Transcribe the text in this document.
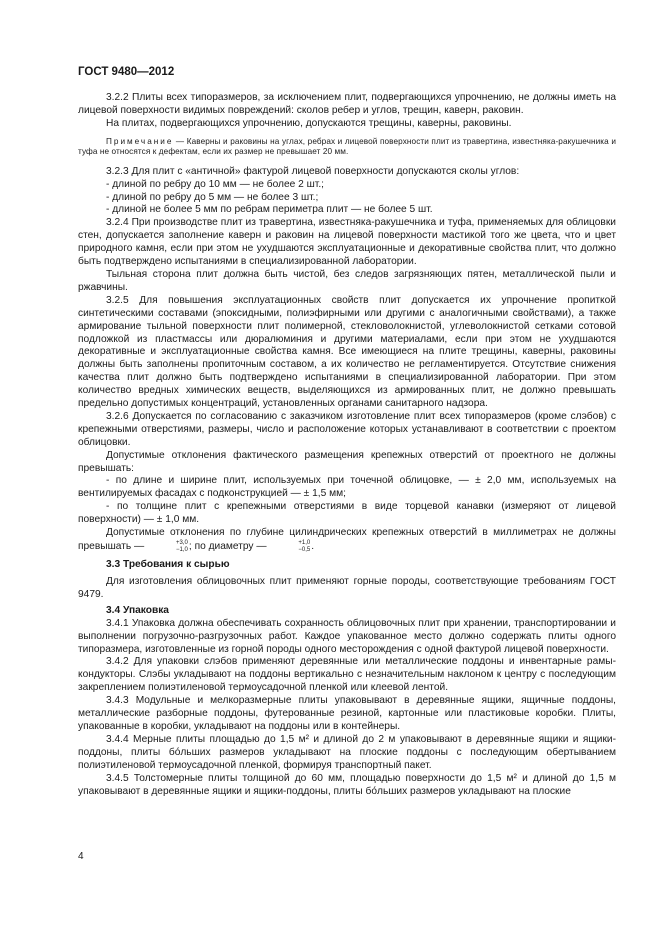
ГОСТ 9480—2012

3.2.2 Плиты всех типоразмеров, за исключением плит, подвергающихся упрочнению, не должны иметь на лицевой поверхности видимых повреждений: сколов ребер и углов, трещин, каверн, раковин.

На плитах, подвергающихся упрочнению, допускаются трещины, каверны, раковины.

Примечание — Каверны и раковины на углах, ребрах и лицевой поверхности плит из травертина, известняка-ракушечника и туфа не относятся к дефектам, если их размер не превышает 20 мм.

3.2.3 Для плит с «античной» фактурой лицевой поверхности допускаются сколы углов:

- длиной по ребру до 10 мм — не более 2 шт.;

- длиной по ребру до 5 мм — не более 3 шт.;

- длиной не более 5 мм по ребрам периметра плит — не более 5 шт.

3.2.4 При производстве плит из травертина, известняка-ракушечника и туфа, применяемых для облицовки стен, допускается заполнение каверн и раковин на лицевой поверхности мастикой того же цвета, что и цвет природного камня, если при этом не ухудшаются эксплуатационные и декоративные свойства плит, что должно быть подтверждено испытаниями в специализированной лаборатории.

Тыльная сторона плит должна быть чистой, без следов загрязняющих пятен, металлической пыли и ржавчины.

3.2.5 Для повышения эксплуатационных свойств плит допускается их упрочнение пропиткой синтетическими составами (эпоксидными, полиэфирными или другими с аналогичными свойствами), а также армирование тыльной поверхности плит полимерной, стекловолокнистой, углеволокнистой сетками сотовой подложкой из пластмассы или дюралюминия и другими материалами, если при этом не ухудшаются декоративные и эксплуатационные свойства камня. Все имеющиеся на плите трещины, каверны, раковины должны быть заполнены пропиточным составом, а их количество не регламентируется. Отсутствие снижения качества плит должно быть подтверждено испытаниями в специализированной лаборатории. При этом количество вредных химических веществ, выделяющихся из армированных плит, не должно превышать предельно допустимых концентраций, установленных органами санитарного надзора.

3.2.6 Допускается по согласованию с заказчиком изготовление плит всех типоразмеров (кроме слэбов) с крепежными отверстиями, размеры, число и расположение которых устанавливают в соответствии с проектом облицовки.

Допустимые отклонения фактического размещения крепежных отверстий от проектного не должны превышать:

- по длине и ширине плит, используемых при точечной облицовке, — ± 2,0 мм, используемых на вентилируемых фасадах с подконструкцией — ± 1,5 мм;

- по толщине плит с крепежными отверстиями в виде торцевой канавки (измеряют от лицевой поверхности) — ± 1,0 мм.

Допустимые отклонения по глубине цилиндрических крепежных отверстий в миллиметрах не должны превышать —	+3,0
−1,0 ; по диаметру —	+1,0
−0,5 .

3.3 Требования к сырью

Для изготовления облицовочных плит применяют горные породы, соответствующие требованиям ГОСТ 9479.

3.4 Упаковка

3.4.1 Упаковка должна обеспечивать сохранность облицовочных плит при хранении, транспортировании и выполнении погрузочно-разгрузочных работ. Каждое упакованное место должно содержать плиты одного типоразмера, изготовленные из горной породы одного месторождения с одной фактурой лицевой поверхности.

3.4.2 Для упаковки слэбов применяют деревянные или металлические поддоны и инвентарные рамы-кондукторы. Слэбы укладывают на поддоны вертикально с незначительным наклоном к центру с последующим закреплением полиэтиленовой термоусадочной пленкой или клеевой лентой.

3.4.3 Модульные и мелкоразмерные плиты упаковывают в деревянные ящики, ящичные поддоны, металлические разборные поддоны, футерованные резиной, картонные или пластиковые коробки. Плиты, упакованные в коробки, укладывают на поддоны или в контейнеры.

3.4.4 Мерные плиты площадью до 1,5 м² и длиной до 2 м упаковывают в деревянные ящики и ящики-поддоны, плиты бо́льших размеров укладывают на плоские поддоны с последующим обертыванием полиэтиленовой термоусадочной пленкой, формируя транспортный пакет.

3.4.5 Толстомерные плиты толщиной до 60 мм, площадью поверхности до 1,5 м² и длиной до 1,5 м упаковывают в деревянные ящики и ящики-поддоны, плиты бо́льших размеров укладывают на плоские

4
